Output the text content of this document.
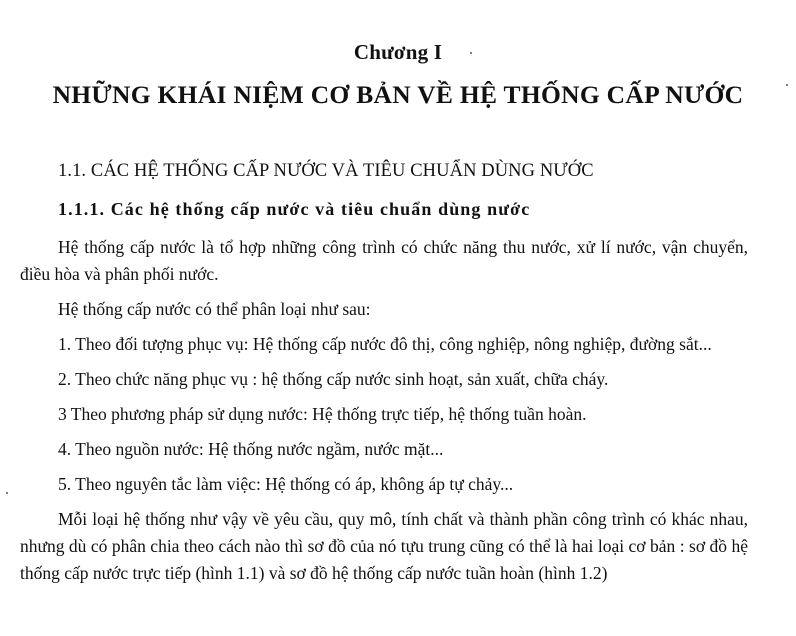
Chương I
NHỮNG KHÁI NIỆM CƠ BẢN VỀ HỆ THỐNG CẤP NƯỚC
1.1. CÁC HỆ THỐNG CẤP NƯỚC VÀ TIÊU CHUẨN DÙNG NƯỚC
1.1.1. Các hệ thống cấp nước và tiêu chuẩn dùng nước

Hệ thống cấp nước là tổ hợp những công trình có chức năng thu nước, xử lí nước, vận chuyển, điều hòa và phân phối nước.

Hệ thống cấp nước có thể phân loại như sau:

1. Theo đối tượng phục vụ: Hệ thống cấp nước đô thị, công nghiệp, nông nghiệp, đường sắt...

2. Theo chức năng phục vụ : hệ thống cấp nước sinh hoạt, sản xuất, chữa cháy.

3 Theo phương pháp sử dụng nước: Hệ thống trực tiếp, hệ thống tuần hoàn.

4. Theo nguồn nước: Hệ thống nước ngầm, nước mặt...

5. Theo nguyên tắc làm việc: Hệ thống có áp, không áp tự chảy...

Mỗi loại hệ thống như vậy về yêu cầu, quy mô, tính chất và thành phần công trình có khác nhau, nhưng dù có phân chia theo cách nào thì sơ đồ của nó tựu trung cũng có thể là hai loại cơ bản : sơ đồ hệ thống cấp nước trực tiếp (hình 1.1) và sơ đồ hệ thống cấp nước tuần hoàn (hình 1.2)
